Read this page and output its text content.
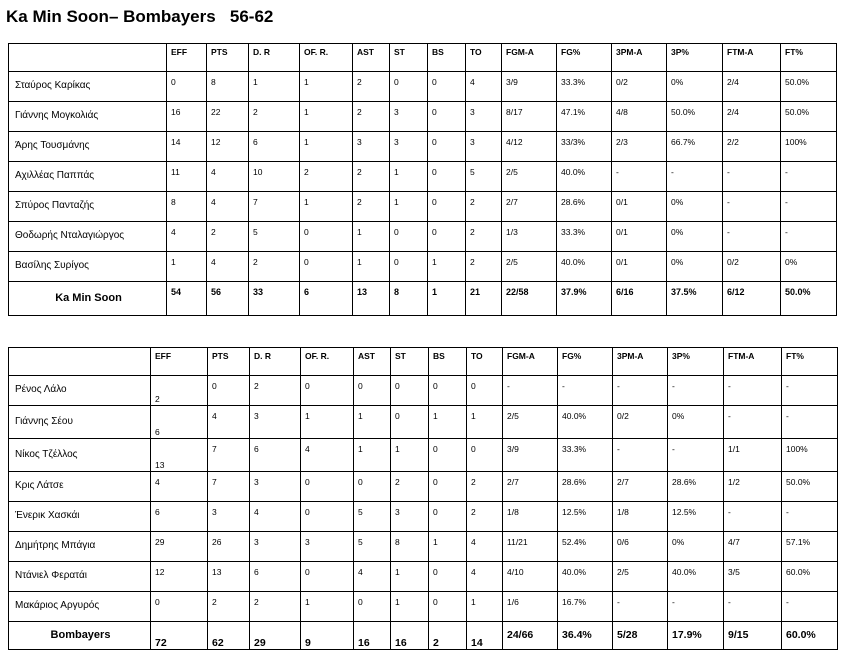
Ka Min Soon– Bombayers   56-62
	EFF	PTS	D. R	OF. R.	AST	ST	BS	TO	FGM-A	FG%	3PM-A	3P%	FTM-A	FT%
Σταύρος Καρίκας	0	8	1	1	2	0	0	4	3/9	33.3%	0/2	0%	2/4	50.0%
Γιάννης Μογκολιάς	16	22	2	1	2	3	0	3	8/17	47.1%	4/8	50.0%	2/4	50.0%
Άρης Τουσμάνης	14	12	6	1	3	3	0	3	4/12	33/3%	2/3	66.7%	2/2	100%
Αχιλλέας Παππάς	11	4	10	2	2	1	0	5	2/5	40.0%	-	-	-	-
Σπύρος Πανταζής	8	4	7	1	2	1	0	2	2/7	28.6%	0/1	0%	-	-
Θοδωρής Νταλαγιώργος	4	2	5	0	1	0	0	2	1/3	33.3%	0/1	0%	-	-
Βασίλης Συρίγος	1	4	2	0	1	0	1	2	2/5	40.0%	0/1	0%	0/2	0%
Ka Min Soon	54	56	33	6	13	8	1	21	22/58	37.9%	6/16	37.5%	6/12	50.0%
	EFF	PTS	D. R	OF. R.	AST	ST	BS	TO	FGM-A	FG%	3PM-A	3P%	FTM-A	FT%
Ρένος Λάλο	2	0	2	0	0	0	0	0	-	-	-	-	-	-
Γιάννης Σέου	6	4	3	1	1	0	1	1	2/5	40.0%	0/2	0%	-	-
Νίκος Τζέλλος	13	7	6	4	1	1	0	0	3/9	33.3%	-	-	1/1	100%
Κρις Λάτσε	4	7	3	0	0	2	0	2	2/7	28.6%	2/7	28.6%	1/2	50.0%
Ένερικ Χασκάι	6	3	4	0	5	3	0	2	1/8	12.5%	1/8	12.5%	-	-
Δημήτρης Μπάγια	29	26	3	3	5	8	1	4	11/21	52.4%	0/6	0%	4/7	57.1%
Ντάνιελ Φερατάι	12	13	6	0	4	1	0	4	4/10	40.0%	2/5	40.0%	3/5	60.0%
Μακάριος Αργυρός	0	2	2	1	0	1	0	1	1/6	16.7%	-	-	-	-
Bombayers	72	62	29	9	16	16	2	14	24/66	36.4%	5/28	17.9%	9/15	60.0%
